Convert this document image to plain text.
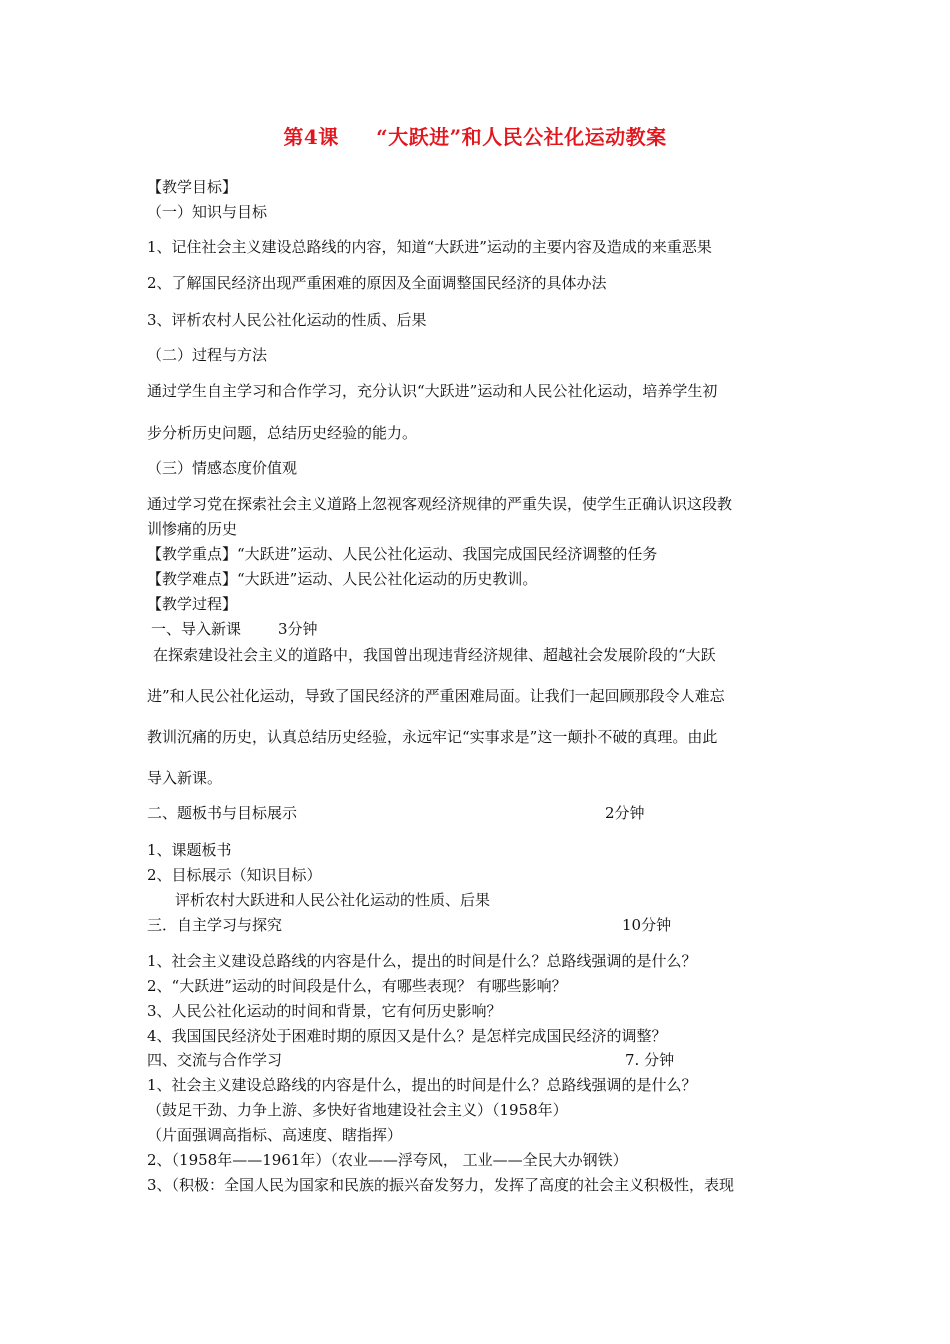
第4课 “大跃进”和人民公社化运动教案
【教学目标】
（一）知识与目标
1、记住社会主义建设总路线的内容，知道“大跃进”运动的主要内容及造成的来重恶果
2、了解国民经济出现严重困难的原因及全面调整国民经济的具体办法
3、评析农村人民公社化运动的性质、后果
（二）过程与方法
通过学生自主学习和合作学习，充分认识“大跃进”运动和人民公社化运动，培养学生初
步分析历史问题，总结历史经验的能力。
（三）情感态度价值观
通过学习党在探索社会主义道路上忽视客观经济规律的严重失误，使学生正确认识这段教
训惨痛的历史
【教学重点】“大跃进”运动、人民公社化运动、我国完成国民经济调整的任务
【教学难点】“大跃进”运动、人民公社化运动的历史教训。
【教学过程】
一、导入新课 3分钟
在探索建设社会主义的道路中，我国曾出现违背经济规律、超越社会发展阶段的“大跃
进”和人民公社化运动，导致了国民经济的严重困难局面。让我们一起回顾那段令人难忘
教训沉痛的历史，认真总结历史经验，永远牢记“实事求是”这一颠扑不破的真理。由此
导入新课。
二、题板书与目标展示	2分钟
1、课题板书
2、目标展示（知识目标）
评析农村大跃进和人民公社化运动的性质、后果
三．自主学习与探究	10分钟
1、社会主义建设总路线的内容是什么，提出的时间是什么？总路线强调的是什么？
2、“大跃进”运动的时间段是什么，有哪些表现？ 有哪些影响？
3、人民公社化运动的时间和背景，它有何历史影响？
4、我国国民经济处于困难时期的原因又是什么？是怎样完成国民经济的调整？
四、交流与合作学习	7. 分钟
1、社会主义建设总路线的内容是什么，提出的时间是什么？总路线强调的是什么？
（鼓足干劲、力争上游、多快好省地建设社会主义）（1958年）
（片面强调高指标、高速度、瞎指挥）
2、（1958年——1961年）（农业——浮夸风， 工业——全民大办钢铁）
3、（积极：全国人民为国家和民族的振兴奋发努力，发挥了高度的社会主义积极性，表现
